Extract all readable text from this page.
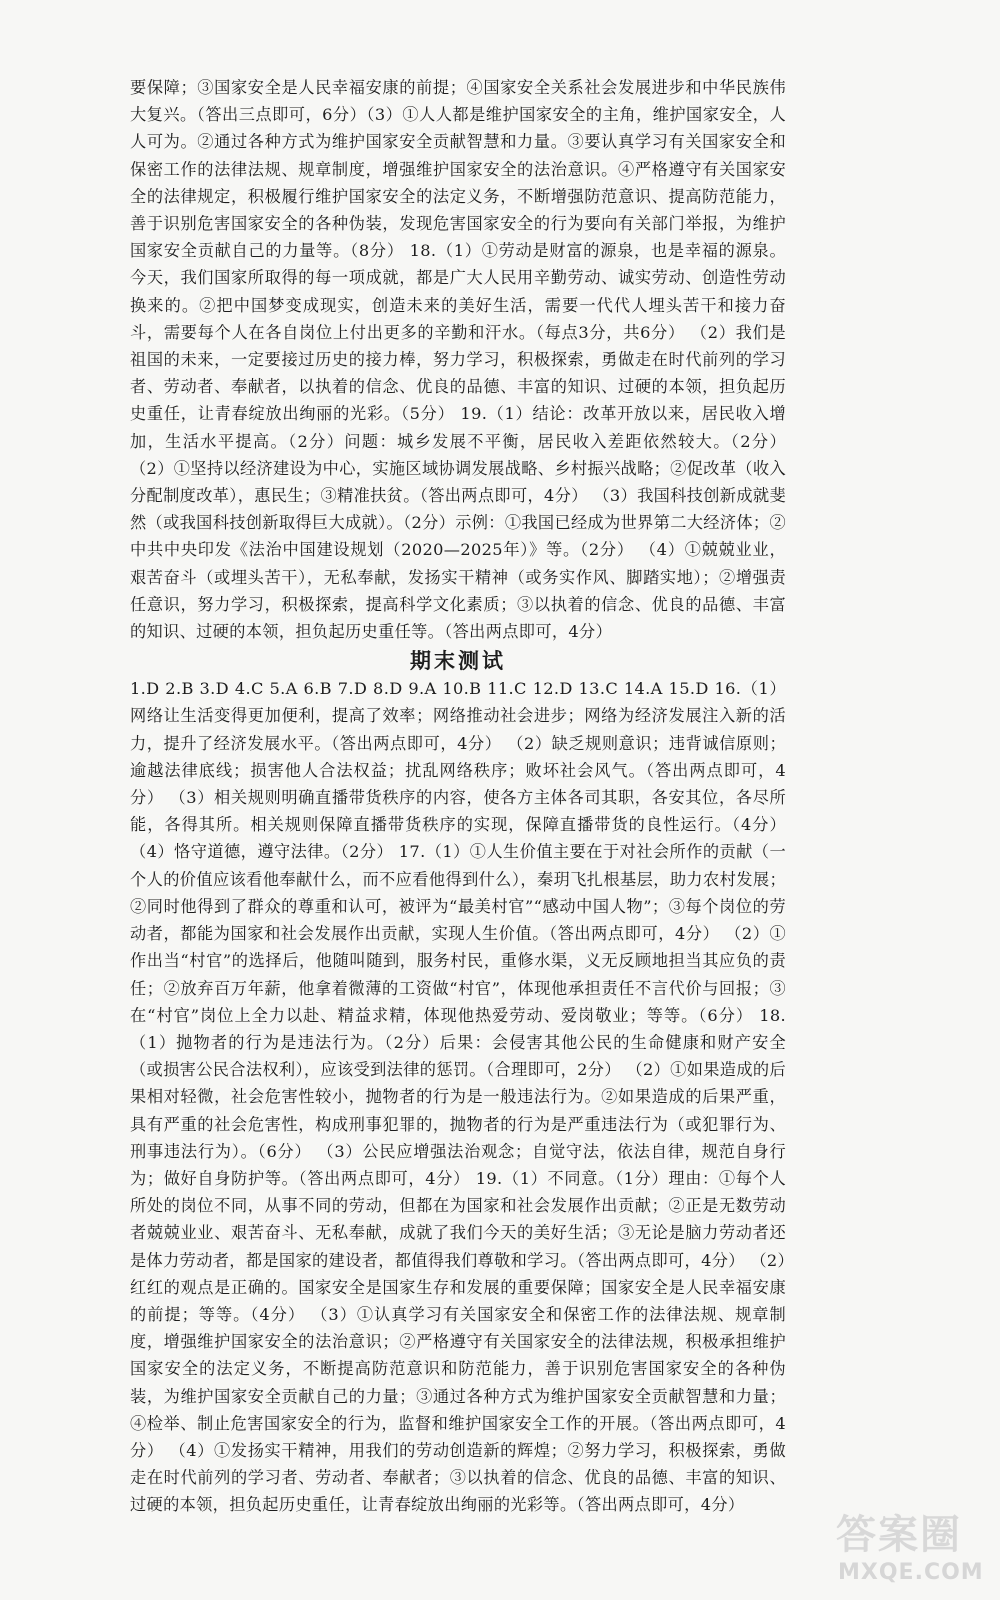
要保障；③国家安全是人民幸福安康的前提；④国家安全关系社会发展进步和中华民族伟大复兴。（答出三点即可，6分）（3）①人人都是维护国家安全的主角，维护国家安全，人人可为。②通过各种方式为维护国家安全贡献智慧和力量。③要认真学习有关国家安全和保密工作的法律法规、规章制度，增强维护国家安全的法治意识。④严格遵守有关国家安全的法律规定，积极履行维护国家安全的法定义务，不断增强防范意识、提高防范能力，善于识别危害国家安全的各种伪装，发现危害国家安全的行为要向有关部门举报，为维护国家安全贡献自己的力量等。（8分） 18.（1）①劳动是财富的源泉，也是幸福的源泉。今天，我们国家所取得的每一项成就，都是广大人民用辛勤劳动、诚实劳动、创造性劳动换来的。②把中国梦变成现实，创造未来的美好生活，需要一代代人埋头苦干和接力奋斗，需要每个人在各自岗位上付出更多的辛勤和汗水。（每点3分，共6分） （2）我们是祖国的未来，一定要接过历史的接力棒，努力学习，积极探索，勇做走在时代前列的学习者、劳动者、奉献者，以执着的信念、优良的品德、丰富的知识、过硬的本领，担负起历史重任，让青春绽放出绚丽的光彩。（5分） 19.（1）结论：改革开放以来，居民收入增加，生活水平提高。（2分）问题：城乡发展不平衡，居民收入差距依然较大。（2分） （2）①坚持以经济建设为中心，实施区域协调发展战略、乡村振兴战略；②促改革（收入分配制度改革），惠民生；③精准扶贫。（答出两点即可，4分） （3）我国科技创新成就斐然（或我国科技创新取得巨大成就）。（2分）示例：①我国已经成为世界第二大经济体；②中共中央印发《法治中国建设规划（2020—2025年）》等。（2分） （4）①兢兢业业，艰苦奋斗（或埋头苦干），无私奉献，发扬实干精神（或务实作风、脚踏实地）；②增强责任意识，努力学习，积极探索，提高科学文化素质；③以执着的信念、优良的品德、丰富的知识、过硬的本领，担负起历史重任等。（答出两点即可，4分）

期末测试

1.D 2.B 3.D 4.C 5.A 6.B 7.D 8.D 9.A 10.B 11.C 12.D 13.C 14.A 15.D 16.（1）网络让生活变得更加便利，提高了效率；网络推动社会进步；网络为经济发展注入新的活力，提升了经济发展水平。（答出两点即可，4分） （2）缺乏规则意识；违背诚信原则；逾越法律底线；损害他人合法权益；扰乱网络秩序；败坏社会风气。（答出两点即可，4分） （3）相关规则明确直播带货秩序的内容，使各方主体各司其职，各安其位，各尽所能，各得其所。相关规则保障直播带货秩序的实现，保障直播带货的良性运行。（4分） （4）恪守道德，遵守法律。（2分） 17.（1）①人生价值主要在于对社会所作的贡献（一个人的价值应该看他奉献什么，而不应看他得到什么），秦玥飞扎根基层，助力农村发展；②同时他得到了群众的尊重和认可，被评为“最美村官”“感动中国人物”；③每个岗位的劳动者，都能为国家和社会发展作出贡献，实现人生价值。（答出两点即可，4分） （2）①作出当“村官”的选择后，他随叫随到，服务村民，重修水渠，义无反顾地担当其应负的责任；②放弃百万年薪，他拿着微薄的工资做“村官”，体现他承担责任不言代价与回报；③在“村官”岗位上全力以赴、精益求精，体现他热爱劳动、爱岗敬业；等等。（6分） 18.（1）抛物者的行为是违法行为。（2分）后果：会侵害其他公民的生命健康和财产安全（或损害公民合法权利），应该受到法律的惩罚。（合理即可，2分） （2）①如果造成的后果相对轻微，社会危害性较小，抛物者的行为是一般违法行为。②如果造成的后果严重，具有严重的社会危害性，构成刑事犯罪的，抛物者的行为是严重违法行为（或犯罪行为、刑事违法行为）。（6分） （3）公民应增强法治观念；自觉守法，依法自律，规范自身行为；做好自身防护等。（答出两点即可，4分） 19.（1）不同意。（1分）理由：①每个人所处的岗位不同，从事不同的劳动，但都在为国家和社会发展作出贡献；②正是无数劳动者兢兢业业、艰苦奋斗、无私奉献，成就了我们今天的美好生活；③无论是脑力劳动者还是体力劳动者，都是国家的建设者，都值得我们尊敬和学习。（答出两点即可，4分） （2）红红的观点是正确的。国家安全是国家生存和发展的重要保障；国家安全是人民幸福安康的前提；等等。（4分） （3）①认真学习有关国家安全和保密工作的法律法规、规章制度，增强维护国家安全的法治意识；②严格遵守有关国家安全的法律法规，积极承担维护国家安全的法定义务，不断提高防范意识和防范能力，善于识别危害国家安全的各种伪装，为维护国家安全贡献自己的力量；③通过各种方式为维护国家安全贡献智慧和力量；④检举、制止危害国家安全的行为，监督和维护国家安全工作的开展。（答出两点即可，4分） （4）①发扬实干精神，用我们的劳动创造新的辉煌；②努力学习，积极探索，勇做走在时代前列的学习者、劳动者、奉献者；③以执着的信念、优良的品德、丰富的知识、过硬的本领，担负起历史重任，让青春绽放出绚丽的光彩等。（答出两点即可，4分）

答案圈
MXQE.COM
